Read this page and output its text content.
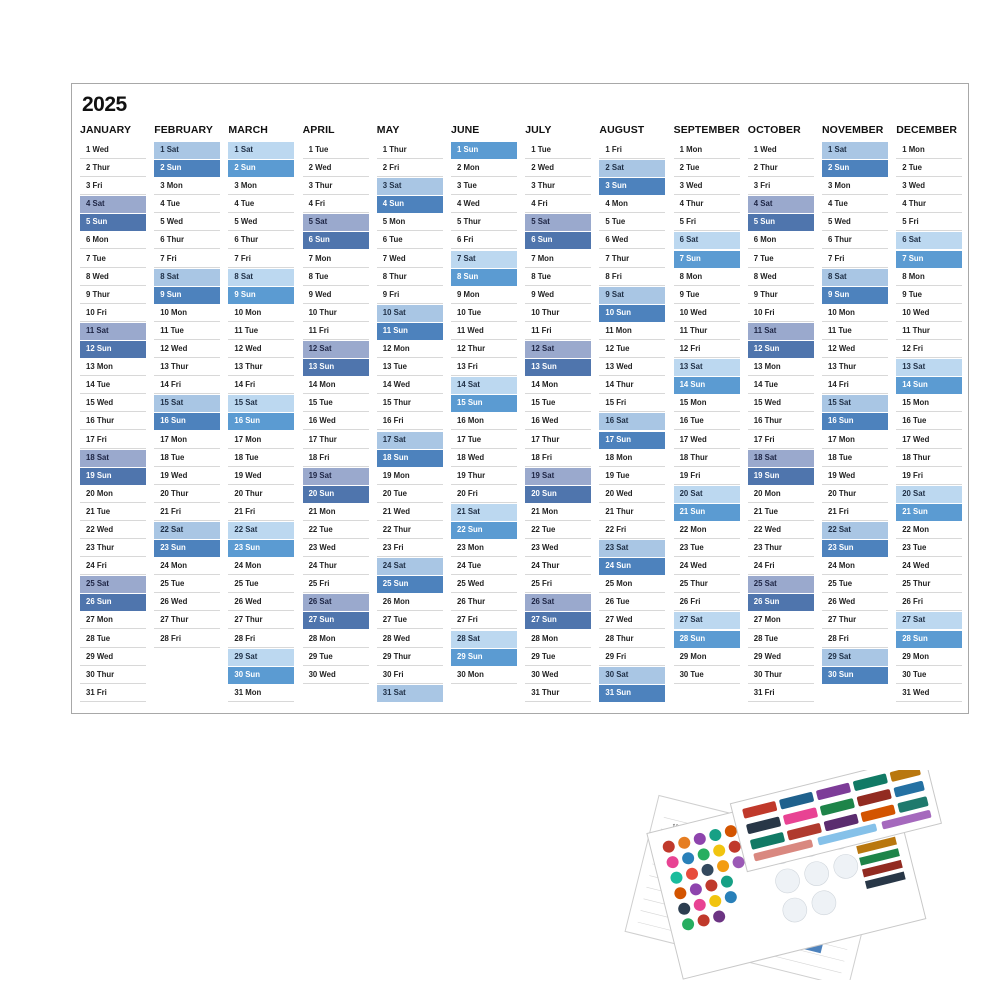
2025
JANUARY
1 Wed
2 Thur
3 Fri
4 Sat
5 Sun
6 Mon
7 Tue
8 Wed
9 Thur
10 Fri
11 Sat
12 Sun
13 Mon
14 Tue
15 Wed
16 Thur
17 Fri
18 Sat
19 Sun
20 Mon
21 Tue
22 Wed
23 Thur
24 Fri
25 Sat
26 Sun
27 Mon
28 Tue
29 Wed
30 Thur
31 Fri
FEBRUARY
1 Sat
2 Sun
3 Mon
4 Tue
5 Wed
6 Thur
7 Fri
8 Sat
9 Sun
10 Mon
11 Tue
12 Wed
13 Thur
14 Fri
15 Sat
16 Sun
17 Mon
18 Tue
19 Wed
20 Thur
21 Fri
22 Sat
23 Sun
24 Mon
25 Tue
26 Wed
27 Thur
28 Fri
MARCH
1 Sat
2 Sun
3 Mon
4 Tue
5 Wed
6 Thur
7 Fri
8 Sat
9 Sun
10 Mon
11 Tue
12 Wed
13 Thur
14 Fri
15 Sat
16 Sun
17 Mon
18 Tue
19 Wed
20 Thur
21 Fri
22 Sat
23 Sun
24 Mon
25 Tue
26 Wed
27 Thur
28 Fri
29 Sat
30 Sun
31 Mon
APRIL
1 Tue
2 Wed
3 Thur
4 Fri
5 Sat
6 Sun
7 Mon
8 Tue
9 Wed
10 Thur
11 Fri
12 Sat
13 Sun
14 Mon
15 Tue
16 Wed
17 Thur
18 Fri
19 Sat
20 Sun
21 Mon
22 Tue
23 Wed
24 Thur
25 Fri
26 Sat
27 Sun
28 Mon
29 Tue
30 Wed
MAY
1 Thur
2 Fri
3 Sat
4 Sun
5 Mon
6 Tue
7 Wed
8 Thur
9 Fri
10 Sat
11 Sun
12 Mon
13 Tue
14 Wed
15 Thur
16 Fri
17 Sat
18 Sun
19 Mon
20 Tue
21 Wed
22 Thur
23 Fri
24 Sat
25 Sun
26 Mon
27 Tue
28 Wed
29 Thur
30 Fri
31 Sat
JUNE
1 Sun
2 Mon
3 Tue
4 Wed
5 Thur
6 Fri
7 Sat
8 Sun
9 Mon
10 Tue
11 Wed
12 Thur
13 Fri
14 Sat
15 Sun
16 Mon
17 Tue
18 Wed
19 Thur
20 Fri
21 Sat
22 Sun
23 Mon
24 Tue
25 Wed
26 Thur
27 Fri
28 Sat
29 Sun
30 Mon
JULY
1 Tue
2 Wed
3 Thur
4 Fri
5 Sat
6 Sun
7 Mon
8 Tue
9 Wed
10 Thur
11 Fri
12 Sat
13 Sun
14 Mon
15 Tue
16 Wed
17 Thur
18 Fri
19 Sat
20 Sun
21 Mon
22 Tue
23 Wed
24 Thur
25 Fri
26 Sat
27 Sun
28 Mon
29 Tue
30 Wed
31 Thur
AUGUST
1 Fri
2 Sat
3 Sun
4 Mon
5 Tue
6 Wed
7 Thur
8 Fri
9 Sat
10 Sun
11 Mon
12 Tue
13 Wed
14 Thur
15 Fri
16 Sat
17 Sun
18 Mon
19 Tue
20 Wed
21 Thur
22 Fri
23 Sat
24 Sun
25 Mon
26 Tue
27 Wed
28 Thur
29 Fri
30 Sat
31 Sun
SEPTEMBER
1 Mon
2 Tue
3 Wed
4 Thur
5 Fri
6 Sat
7 Sun
8 Mon
9 Tue
10 Wed
11 Thur
12 Fri
13 Sat
14 Sun
15 Mon
16 Tue
17 Wed
18 Thur
19 Fri
20 Sat
21 Sun
22 Mon
23 Tue
24 Wed
25 Thur
26 Fri
27 Sat
28 Sun
29 Mon
30 Tue
OCTOBER
1 Wed
2 Thur
3 Fri
4 Sat
5 Sun
6 Mon
7 Tue
8 Wed
9 Thur
10 Fri
11 Sat
12 Sun
13 Mon
14 Tue
15 Wed
16 Thur
17 Fri
18 Sat
19 Sun
20 Mon
21 Tue
22 Wed
23 Thur
24 Fri
25 Sat
26 Sun
27 Mon
28 Tue
29 Wed
30 Thur
31 Fri
NOVEMBER
1 Sat
2 Sun
3 Mon
4 Tue
5 Wed
6 Thur
7 Fri
8 Sat
9 Sun
10 Mon
11 Tue
12 Wed
13 Thur
14 Fri
15 Sat
16 Sun
17 Mon
18 Tue
19 Wed
20 Thur
21 Fri
22 Sat
23 Sun
24 Mon
25 Tue
26 Wed
27 Thur
28 Fri
29 Sat
30 Sun
DECEMBER
1 Mon
2 Tue
3 Wed
4 Thur
5 Fri
6 Sat
7 Sun
8 Mon
9 Tue
10 Wed
11 Thur
12 Fri
13 Sat
14 Sun
15 Mon
16 Tue
17 Wed
18 Thur
19 Fri
20 Sat
21 Sun
22 Mon
23 Tue
24 Wed
25 Thur
26 Fri
27 Sat
28 Sun
29 Mon
30 Tue
31 Wed
